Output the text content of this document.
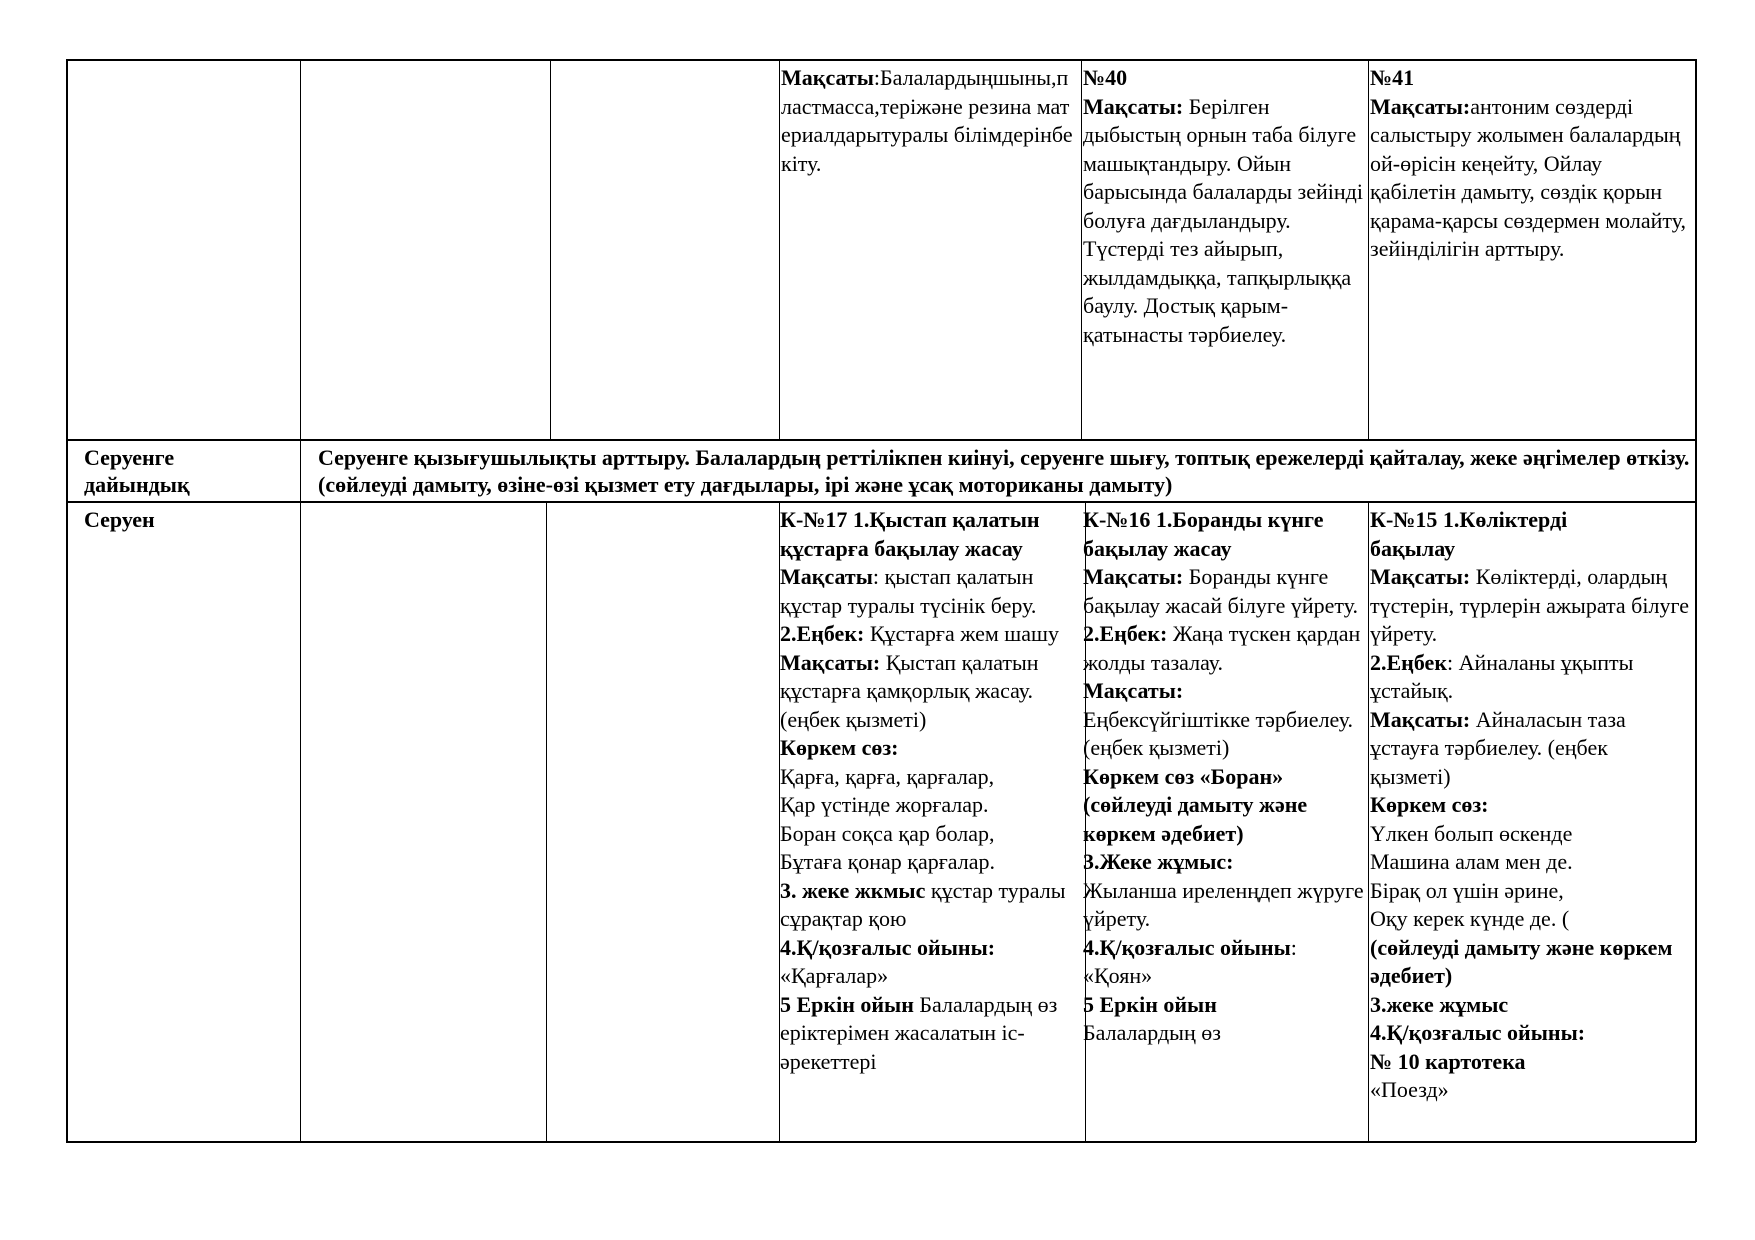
Мақсаты:Балалардыңшыны,пластмасса,теріжәне резина материалдарытуралы білімдерінбекіту.

№40

Мақсаты: Берілген дыбыстың орнын таба білуге машықтандыру. Ойын барысында балаларды зейінді болуға дағдыландыру. Түстерді тез айырып, жылдамдыққа, тапқырлыққа баулу. Достық қарым-қатынасты тәрбиелеу.

№41

Мақсаты:антоним сөздерді салыстыру жолымен балалардың ой-өрісін кеңейту, Ойлау қабілетін дамыту, сөздік қорын қарама-қарсы сөздермен молайту, зейінділігін арттыру.

Серуенге дайындық
Серуенге қызығушылықты арттыру. Балалардың реттілікпен киінуі, серуенге шығу, топтық ережелерді қайталау, жеке әңгімелер өткізу. (сөйлеуді дамыту, өзіне-өзі қызмет ету дағдылары, ірі және ұсақ моториканы дамыту)
Серуен	К-№17 1.Қыстап қалатын құстарға бақылау жасау

Мақсаты: қыстап қалатын құстар туралы түсінік беру.

2.Еңбек: Құстарға жем шашу

Мақсаты: Қыстап қалатын құстарға қамқорлық жасау. (еңбек қызметі)

Көркем сөз:

Қарға, қарға, қарғалар,

Қар үстінде жорғалар.

Боран соқса қар болар,

Бұтаға қонар қарғалар.

3. жеке жкмыс құстар туралы сұрақтар қою

4.Қ/қозғалыс ойыны:

«Қарғалар»

5 Еркін ойын Балалардың өз еріктерімен жасалатын іс-әрекеттері

К-№16 1.Боранды күнге бақылау жасау

Мақсаты: Боранды күнге бақылау жасай білуге үйрету.

2.Еңбек: Жаңа түскен қардан жолды тазалау.

Мақсаты:

Еңбексүйгіштікке тәрбиелеу.

(еңбек қызметі)

Көркем сөз «Боран» (сөйлеуді дамыту және көркем әдебиет)

3.Жеке жұмыс:

Жыланша иреленңдеп жүруге үйрету.

4.Қ/қозғалыс ойыны:

«Қоян»

5 Еркін ойын

Балалардың өз

К-№15 1.Көліктерді бақылау

Мақсаты: Көліктерді, олардың түстерін, түрлерін ажырата білуге үйрету.

2.Еңбек: Айналаны ұқыпты ұстайық.

Мақсаты: Айналасын таза ұстауға тәрбиелеу. (еңбек қызметі)

Көркем сөз:

Үлкен болып өскенде

Машина алам мен де.

Бірақ ол үшін әрине,

Оқу керек күнде де. (

(сөйлеуді дамыту және көркем әдебиет)

3.жеке жұмыс

4.Қ/қозғалыс ойыны:

№ 10 картотека

«Поезд»
